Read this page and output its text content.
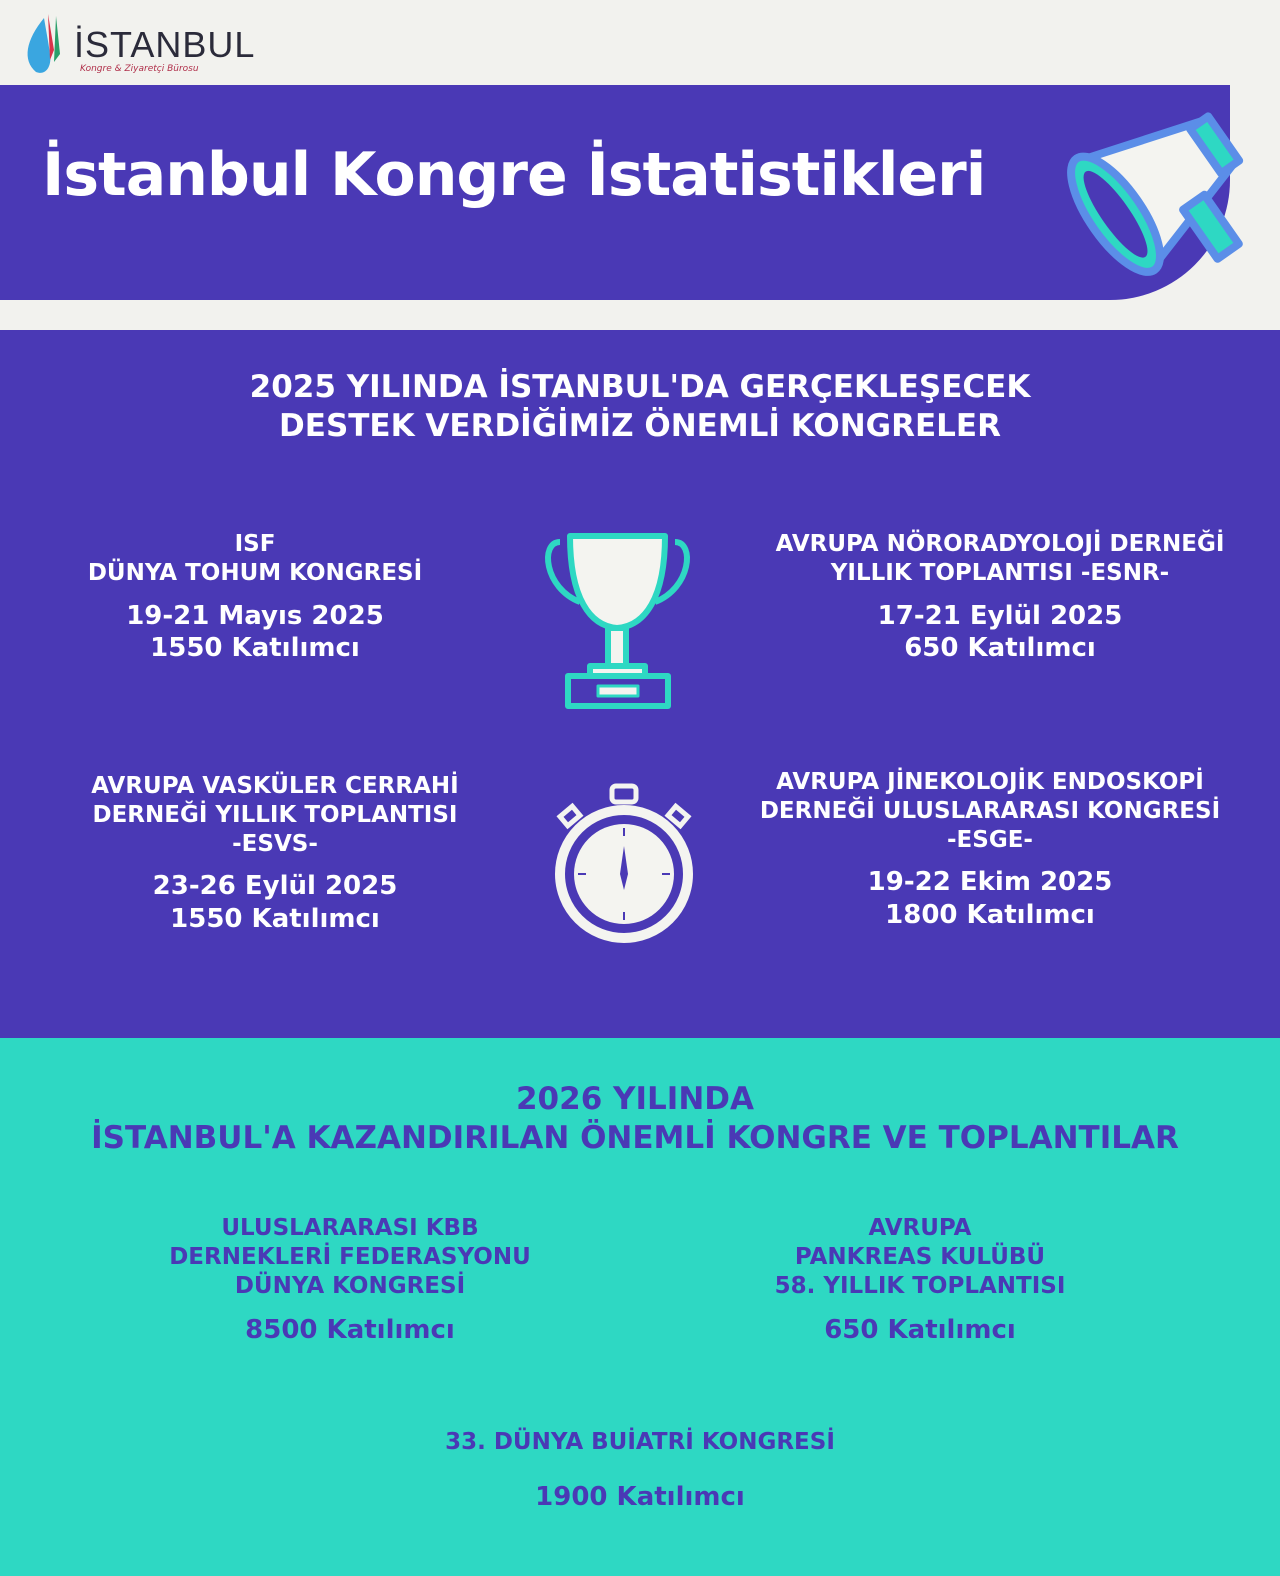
İSTANBUL
Kongre & Ziyaretçi Bürosu
İstanbul Kongre İstatistikleri
2025 YILINDA İSTANBUL'DA GERÇEKLEŞECEK
DESTEK VERDİĞİMİZ ÖNEMLİ KONGRELER
ISF
DÜNYA TOHUM KONGRESİ
19-21 Mayıs 2025
1550 Katılımcı
AVRUPA NÖRORADYOLOJİ DERNEĞİ
YILLIK TOPLANTISI -ESNR-
17-21 Eylül 2025
650 Katılımcı
AVRUPA VASKÜLER CERRAHİ
DERNEĞİ YILLIK TOPLANTISI
-ESVS-
23-26 Eylül 2025
1550 Katılımcı
AVRUPA JİNEKOLOJİK ENDOSKOPİ
DERNEĞİ ULUSLARARASI KONGRESİ
-ESGE-
19-22 Ekim 2025
1800 Katılımcı
2026 YILINDA
İSTANBUL'A KAZANDIRILAN ÖNEMLİ KONGRE VE TOPLANTILAR
ULUSLARARASI KBB
DERNEKLERİ FEDERASYONU
DÜNYA KONGRESİ
8500 Katılımcı
AVRUPA
PANKREAS KULÜBÜ
58. YILLIK TOPLANTISI
650 Katılımcı
33. DÜNYA BUİATRİ KONGRESİ
1900 Katılımcı
